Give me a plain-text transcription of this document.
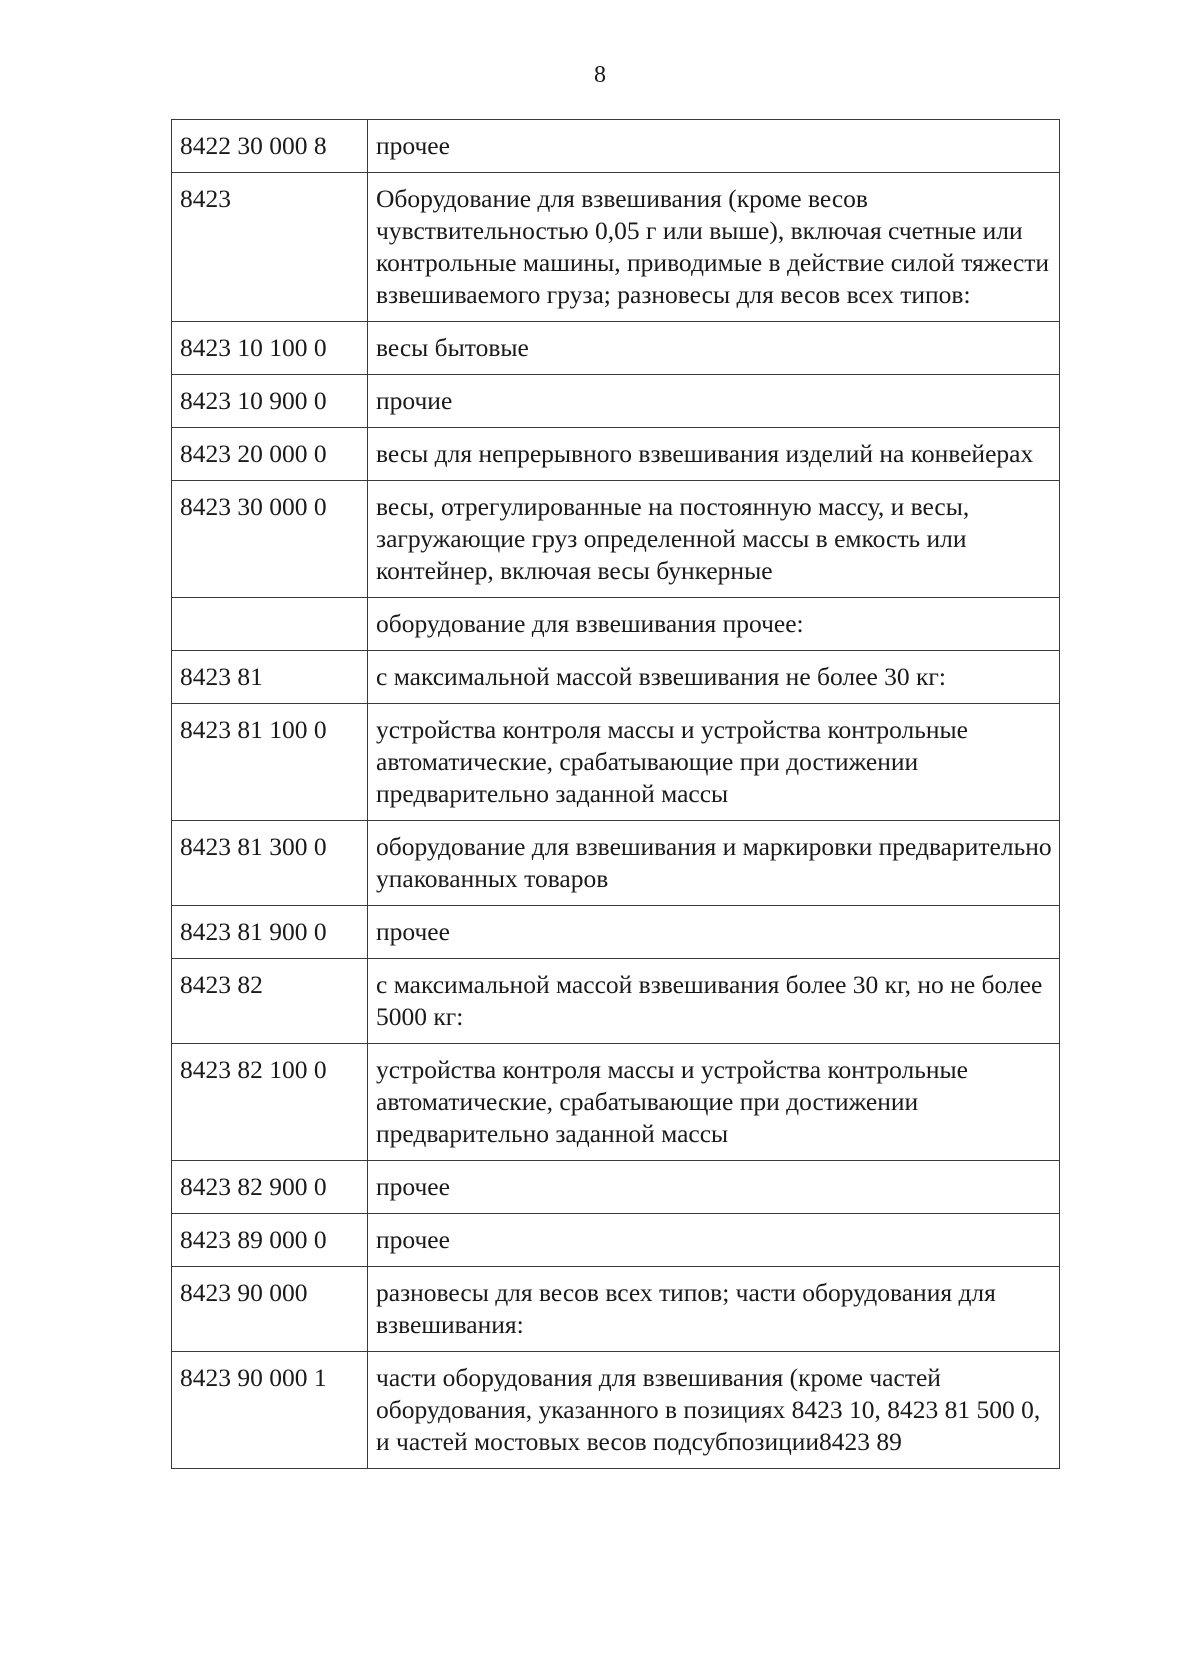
8
8422 30 000 8	прочее
8423	Оборудование для взвешивания (кроме весов чувствительностью 0,05 г или выше), включая счетные или контрольные машины, приводимые в действие силой тяжести взвешиваемого груза; разновесы для весов всех типов:
8423 10 100 0	весы бытовые
8423 10 900 0	прочие
8423 20 000 0	весы для непрерывного взвешивания изделий на конвейерах
8423 30 000 0	весы, отрегулированные на постоянную массу, и весы, загружающие груз определенной массы в емкость или контейнер, включая весы бункерные
	оборудование для взвешивания прочее:
8423 81	с максимальной массой взвешивания не более 30 кг:
8423 81 100 0	устройства контроля массы и устройства контрольные автоматические, срабатывающие при достижении предварительно заданной массы
8423 81 300 0	оборудование для взвешивания и маркировки предварительно упакованных товаров
8423 81 900 0	прочее
8423 82	с максимальной массой взвешивания более 30 кг, но не более 5000 кг:
8423 82 100 0	устройства контроля массы и устройства контрольные автоматические, срабатывающие при достижении предварительно заданной массы
8423 82 900 0	прочее
8423 89 000 0	прочее
8423 90 000	разновесы для весов всех типов; части оборудования для взвешивания:
8423 90 000 1	части оборудования для взвешивания (кроме частей оборудования, указанного в позициях 8423 10, 8423 81 500 0, и частей мостовых весов подсубпозиции8423 89
